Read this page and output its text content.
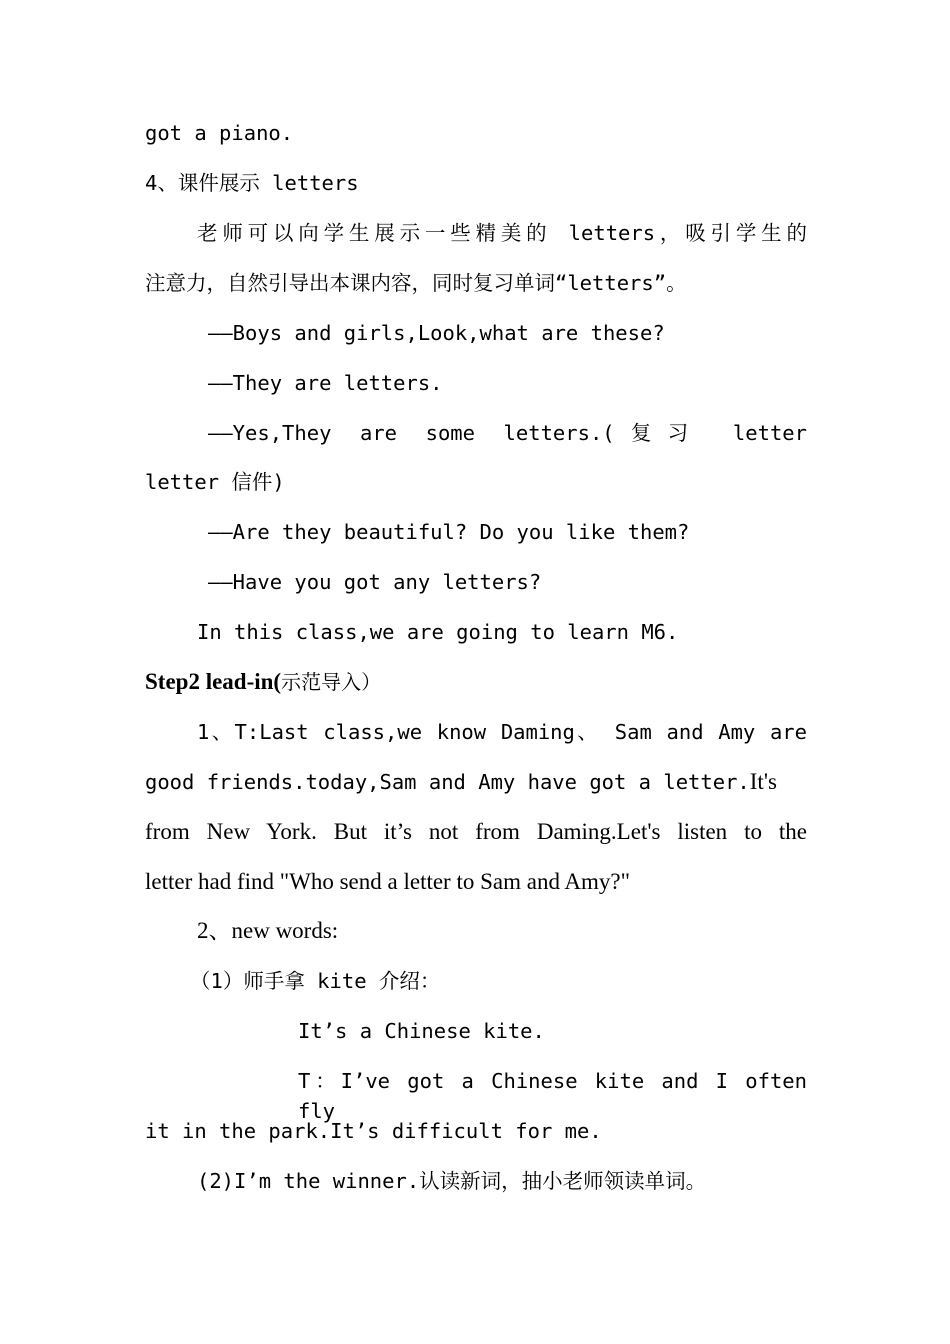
got a piano.
4、课件展示 letters
老师可以向学生展示一些精美的 letters，吸引学生的
注意力，自然引导出本课内容，同时复习单词“letters”。
——Boys and girls,Look,what are these?
——They are letters.
——Yes,They are some letters.(复习 letter
letter 信件)
——Are they beautiful? Do you like them?
——Have you got any letters?
In this class,we are going to learn M6.
Step2 lead-in(示范导入）
1、T:Last class,we know Daming、 Sam and Amy are
good friends.today,Sam and Amy have got a letter.It's
from New York. But it’s not from Daming.Let's listen to the
letter had find "Who send a letter to Sam and Amy?"
2、new words:
（1）师手拿 kite 介绍：
It’s a Chinese kite.
T：I’ve got a Chinese kite and I often fly
it in the park.It’s difficult for me.
(2)I’m the winner.认读新词，抽小老师领读单词。
